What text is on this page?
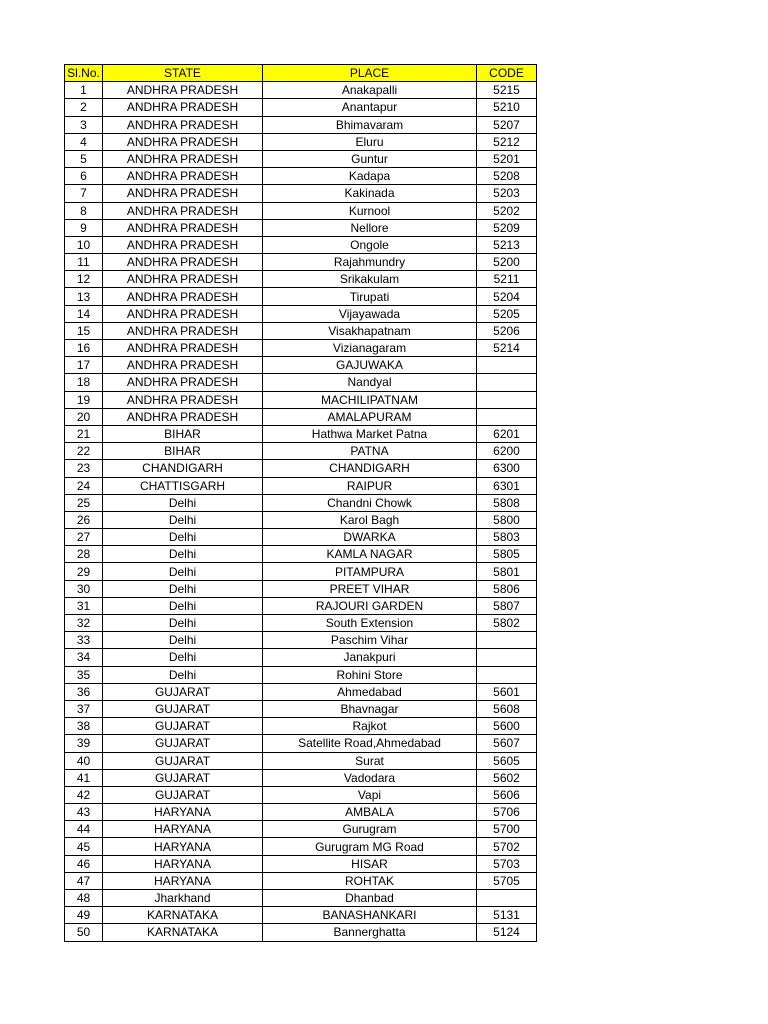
Sl.No.	STATE	PLACE	CODE
1	ANDHRA PRADESH	Anakapalli	5215
2	ANDHRA PRADESH	Anantapur	5210
3	ANDHRA PRADESH	Bhimavaram	5207
4	ANDHRA PRADESH	Eluru	5212
5	ANDHRA PRADESH	Guntur	5201
6	ANDHRA PRADESH	Kadapa	5208
7	ANDHRA PRADESH	Kakinada	5203
8	ANDHRA PRADESH	Kurnool	5202
9	ANDHRA PRADESH	Nellore	5209
10	ANDHRA PRADESH	Ongole	5213
11	ANDHRA PRADESH	Rajahmundry	5200
12	ANDHRA PRADESH	Srikakulam	5211
13	ANDHRA PRADESH	Tirupati	5204
14	ANDHRA PRADESH	Vijayawada	5205
15	ANDHRA PRADESH	Visakhapatnam	5206
16	ANDHRA PRADESH	Vizianagaram	5214
17	ANDHRA PRADESH	GAJUWAKA	
18	ANDHRA PRADESH	Nandyal	
19	ANDHRA PRADESH	MACHILIPATNAM	
20	ANDHRA PRADESH	AMALAPURAM	
21	BIHAR	Hathwa Market Patna	6201
22	BIHAR	PATNA	6200
23	CHANDIGARH	CHANDIGARH	6300
24	CHATTISGARH	RAIPUR	6301
25	Delhi	Chandni Chowk	5808
26	Delhi	Karol Bagh	5800
27	Delhi	DWARKA	5803
28	Delhi	KAMLA NAGAR	5805
29	Delhi	PITAMPURA	5801
30	Delhi	PREET VIHAR	5806
31	Delhi	RAJOURI GARDEN	5807
32	Delhi	South Extension	5802
33	Delhi	Paschim Vihar	
34	Delhi	Janakpuri	
35	Delhi	Rohini Store	
36	GUJARAT	Ahmedabad	5601
37	GUJARAT	Bhavnagar	5608
38	GUJARAT	Rajkot	5600
39	GUJARAT	Satellite Road,Ahmedabad	5607
40	GUJARAT	Surat	5605
41	GUJARAT	Vadodara	5602
42	GUJARAT	Vapi	5606
43	HARYANA	AMBALA	5706
44	HARYANA	Gurugram	5700
45	HARYANA	Gurugram MG Road	5702
46	HARYANA	HISAR	5703
47	HARYANA	ROHTAK	5705
48	Jharkhand	Dhanbad	
49	KARNATAKA	BANASHANKARI	5131
50	KARNATAKA	Bannerghatta	5124
